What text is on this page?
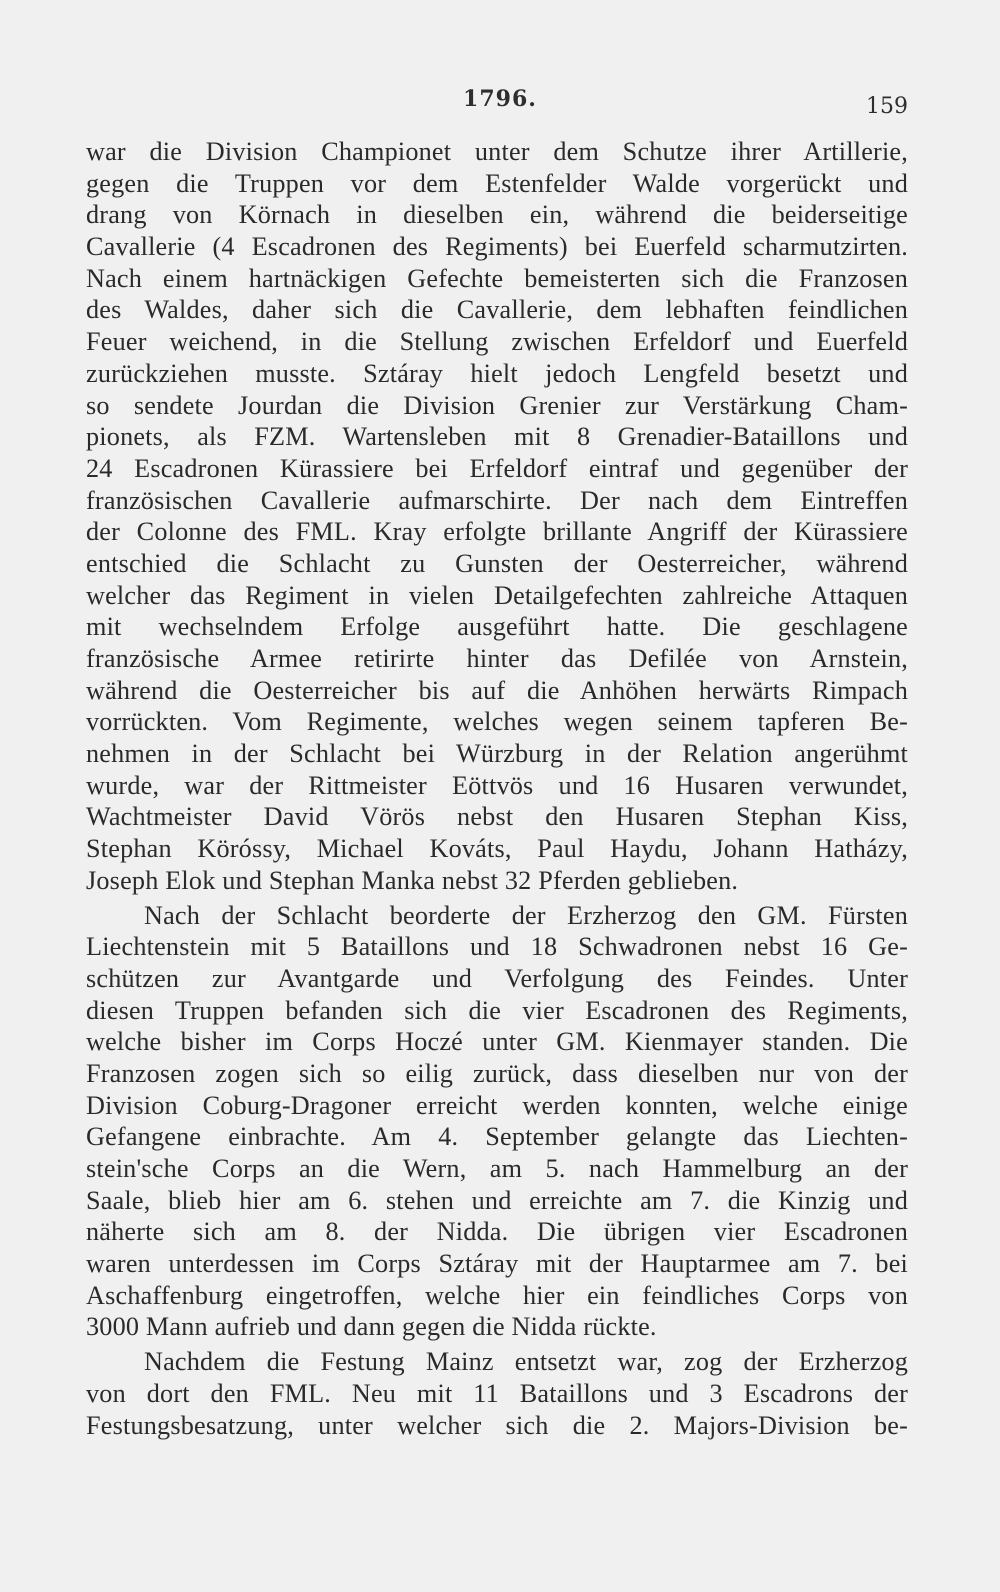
1796.	159
war die Division Championet unter dem Schutze ihrer Artillerie,
gegen die Truppen vor dem Estenfelder Walde vorgerückt und
drang von Körnach in dieselben ein, während die beiderseitige
Cavallerie (4 Escadronen des Regiments) bei Euerfeld scharmutzirten.
Nach einem hartnäckigen Gefechte bemeisterten sich die Franzosen
des Waldes, daher sich die Cavallerie, dem lebhaften feindlichen
Feuer weichend, in die Stellung zwischen Erfeldorf und Euerfeld
zurückziehen musste. Sztáray hielt jedoch Lengfeld besetzt und
so sendete Jourdan die Division Grenier zur Verstärkung Cham-
pionets, als FZM. Wartensleben mit 8 Grenadier-Bataillons und
24 Escadronen Kürassiere bei Erfeldorf eintraf und gegenüber der
französischen Cavallerie aufmarschirte. Der nach dem Eintreffen
der Colonne des FML. Kray erfolgte brillante Angriff der Kürassiere
entschied die Schlacht zu Gunsten der Oesterreicher, während
welcher das Regiment in vielen Detailgefechten zahlreiche Attaquen
mit wechselndem Erfolge ausgeführt hatte. Die geschlagene
französische Armee retirirte hinter das Defilée von Arnstein,
während die Oesterreicher bis auf die Anhöhen herwärts Rimpach
vorrückten. Vom Regimente, welches wegen seinem tapferen Be-
nehmen in der Schlacht bei Würzburg in der Relation angerühmt
wurde, war der Rittmeister Eöttvös und 16 Husaren verwundet,
Wachtmeister David Vörös nebst den Husaren Stephan Kiss,
Stephan Köróssy, Michael Kováts, Paul Haydu, Johann Hatházy,
Joseph Elok und Stephan Manka nebst 32 Pferden geblieben.
Nach der Schlacht beorderte der Erzherzog den GM. Fürsten
Liechtenstein mit 5 Bataillons und 18 Schwadronen nebst 16 Ge-
schützen zur Avantgarde und Verfolgung des Feindes. Unter
diesen Truppen befanden sich die vier Escadronen des Regiments,
welche bisher im Corps Hoczé unter GM. Kienmayer standen. Die
Franzosen zogen sich so eilig zurück, dass dieselben nur von der
Division Coburg-Dragoner erreicht werden konnten, welche einige
Gefangene einbrachte. Am 4. September gelangte das Liechten-
stein'sche Corps an die Wern, am 5. nach Hammelburg an der
Saale, blieb hier am 6. stehen und erreichte am 7. die Kinzig und
näherte sich am 8. der Nidda. Die übrigen vier Escadronen
waren unterdessen im Corps Sztáray mit der Hauptarmee am 7. bei
Aschaffenburg eingetroffen, welche hier ein feindliches Corps von
3000 Mann aufrieb und dann gegen die Nidda rückte.
Nachdem die Festung Mainz entsetzt war, zog der Erzherzog
von dort den FML. Neu mit 11 Bataillons und 3 Escadrons der
Festungsbesatzung, unter welcher sich die 2. Majors-Division be-
